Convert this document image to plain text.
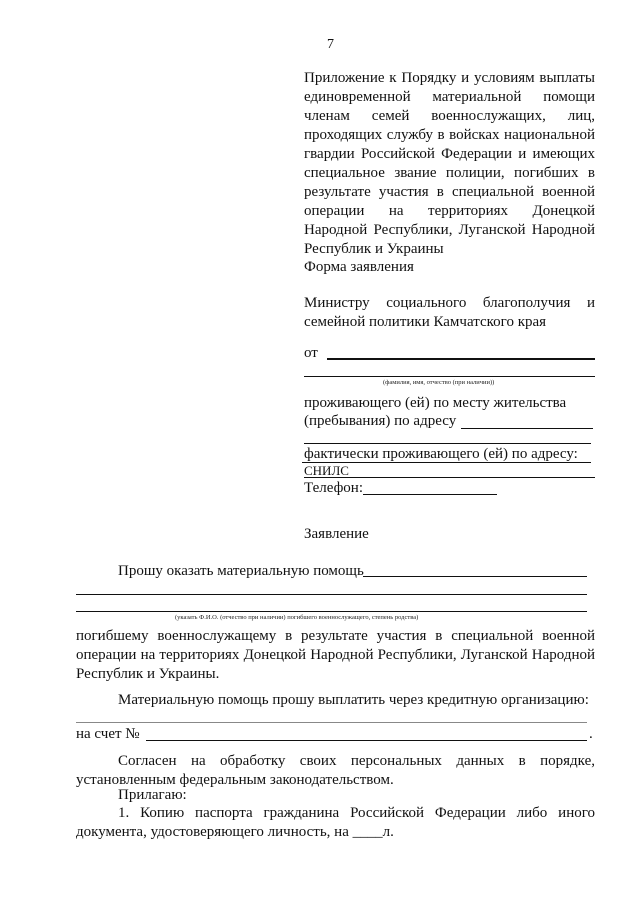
7
Приложение к Порядку и условиям выплаты единовременной материальной помощи членам семей военнослужащих, лиц, проходящих службу в войсках национальной гвардии Российской Федерации и имеющих специальное звание полиции, погибших в результате участия в специальной военной операции на территориях Донецкой Народной Республики, Луганской Народной Республик и Украины
Форма заявления
Министру социального благополучия и семейной политики Камчатского края
от
(фамилия, имя, отчество (при наличии))
проживающего (ей) по месту жительства
(пребывания) по адресу
фактически проживающего (ей) по адресу:
СНИЛС
Телефон:
Заявление
Прошу оказать материальную помощь
(указать Ф.И.О. (отчество при наличии) погибшего военнослужащего, степень родства)
погибшему военнослужащему в результате участия в специальной военной операции на территориях Донецкой Народной Республики, Луганской Народной Республик и Украины.
Материальную помощь прошу выплатить через кредитную организацию:
на счет №	.
Согласен на обработку своих персональных данных в порядке, установленным федеральным законодательством.
Прилагаю:
1. Копию паспорта гражданина Российской Федерации либо иного документа, удостоверяющего личность, на ____л.
